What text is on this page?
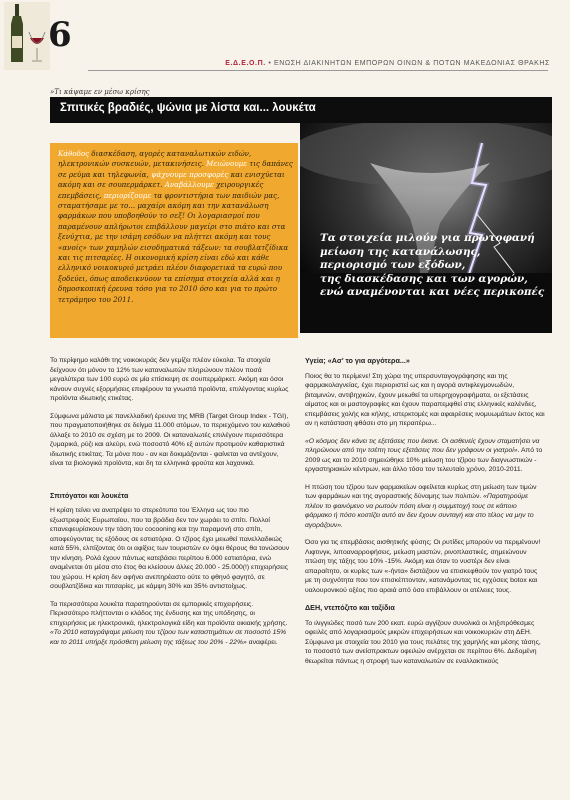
6
Ε.Δ.Ε.Ο.Π. • ΕΝΩΣΗ ΔΙΑΚΙΝΗΤΩΝ ΕΜΠΟΡΩΝ ΟΙΝΩΝ & ΠΟΤΩΝ ΜΑΚΕΔΟΝΙΑΣ ΘΡΑΚΗΣ
»Τι κάψαμε εν μέσω κρίσης
Σπιτικές βραδιές, ψώνια με λίστα και... λουκέτα
Κάθοδος διασκέδαση, αγορές καταναλωτικών ειδών, ηλεκτρονικών συσκευών, μετακινήσεις. Μειώνουμε τις δαπάνες σε ρεύμα και τηλεφωνία, ψάχνουμε προσφορές και ενισχύεται ακόμη και σε σουπερμάρκετ. Αναβάλλουμε χειρουργικές επεμβάσεις, περιορίζουμε τα φροντιστήρια των παιδιών μας, σταματήσαμε με το... μαχαίρι ακόμη και την κατανάλωση φαρμάκων που υποβοηθούν το σεξ! Οι λογαριασμοί που παραμένουν απλήρωτοι επιβάλλουν μαγείρι στο πιάτο και στα ξενύχτια, με την ισάμη εσόδων να πλήττει ακόμη και τους «ανοίς» των χαμηλών εισοδηματικά τάξεων: τα σουβλατζίδικα και τις πιτσαρίες. Η οικονομική κρίση είναι εδώ και κάθε ελληνικό νοικοκυριό μετράει πλέον διαφορετικά τα ευρώ που ξοδεύει, όπως αποδεικνύουν τα επίσημα στοιχεία αλλά και η δημοσκοπική έρευνα τόσο για το 2010 όσο και για το πρώτο τετράμηνο του 2011.
Τα στοιχεία μιλούν για πρωτοφανή
μείωση της κατανάλωσης,
περιορισμό των εξόδων,
της διασκέδασης και των αγορών,
ενώ αναμένονται και νέες περικοπές

Το περίφημο καλάθι της νοικοκυράς δεν γεμίζει πλέον εύκολα. Τα στοιχεία δείχνουν ότι μόνον το 12% των καταναλωτών πληρώνουν πλέον ποσά μεγαλύτερα των 100 ευρώ σε μία επίσκεψη σε σουπερμάρκετ. Ακόμη και όσοι κάνουν συχνές εξορμήσεις επιφέρουν τα γνωστά προϊόντα, επιλέγοντας κυρίως προϊόντα ιδιωτικής ετικέτας.

Σύμφωνα μάλιστα με πανελλαδική έρευνα της MRB (Target Group Index - TGI), που πραγματοποιήθηκε σε δείγμα 11.000 ατόμων, το περιεχόμενο του καλαθιού άλλαξε το 2010 σε σχέση με το 2009. Οι καταναλωτές επιλέγουν περισσότερα ζυμαρικά, ρύζι και αλεύρι, ενώ ποσοστό 40% εξ αυτών προτιμούν καθαριστικά ιδιωτικής ετικέτας. Τα μόνα που - αν και δοκιμάζονται - φαίνεται να αντέχουν, είναι τα βιολογικά προϊόντα, και δη τα ελληνικά φρούτα και λαχανικά.

Σπιτόγατοι και λουκέτα

Η κρίση τείνει να ανατρέψει το στερεότυπο του Έλληνα ως του πιο εξωστρεφούς Ευρωπαίου, που τα βράδια δεν τον χωράει το σπίτι. Πολλοί επανεφευρίσκουν την τάση του cocooning και την παραμονή στο σπίτι, αποφεύγοντας τις εξόδους σε εστιατόρια. Ο τζίρος έχει μειωθεί πανελλαδικώς κατά 55%, ελπίζοντας ότι οι αφίξεις των τουριστών εν όψει θέρους θα τονώσουν την κίνηση. Ρολά έχουν πάντως κατεβάσει περίπου 6.000 εστιατόρια, ενώ αναμένεται ότι μέσα στο έτος θα κλείσουν άλλες 20.000 - 25.000(!) επιχειρήσεις του χώρου. Η κρίση δεν αφήνει ανεπηρέαστο ούτε το φθηνό φαγητό, σε σουβλατζίδικα και πιτσαρίες, με κάμψη 30% και 35% αντιστοίχως.

Τα περισσότερα λουκέτα παρατηρούνται σε εμπορικές επιχειρήσεις. Περισσότερο πλήττονται ο κλάδος της ένδυσης και της υπόδησης, οι επιχειρήσεις με ηλεκτρονικά, ηλεκτρολογικά είδη και προϊόντα οικιακής χρήσης. «Το 2010 καταγράψαμε μείωση του τζίρου των καταστημάτων σε ποσοστό 15% και το 2011 υπήρξε πρόσθετη μείωση της τάξεως του 20% - 22%» αναφέρει.

Υγεία; «Ασ' το για αργότερα...»

Ποιος θα το περίμενε! Στη χώρα της υπερσυνταγογράφησης και της φαρμακολαγνείας, έχει περιοριστεί ως και η αγορά αντιφλεγμονωδών, βιταμινών, αντιβηχικών, έχουν μειωθεί τα υπερηχογραφήματα, οι εξετάσεις αίματος και οι μαστογραφίες και έχουν παραπεμφθεί στις ελληνικές καλένδες, επεμβάσεις χολής και κήλης, ιστερκτομές και αφαιρέσεις ινομυωμάτων έκτος και αν η κατάσταση φθάσει στο μη περαιτέρω...

«Ο κόσμος δεν κάνει τις εξετάσεις που έκανε. Οι ασθενείς έχουν σταματήσει να πληρώνουν από την τσέπη τους εξετάσεις που δεν γράφουν οι γιατροί». Από το 2009 ως και το 2010 σημειώθηκε 10% μείωση του τζίρου των διαγνωστικών - εργαστηριακών κέντρων, και άλλο τόσο τον τελευταίο χρόνο, 2010-2011.

Η πτώση του τζίρου των φαρμακείων οφείλεται κυρίως στη μείωση των τιμών των φαρμάκων και της αγοραστικής δύναμης των πολιτών. «Παρατηρούμε πλέον το φαινόμενο να ρωτούν πόση είναι η συμμετοχή τους σε κάποιο φάρμακο ή πόσο κοστίζει αυτό αν δεν έχουν συνταγή και στο τέλος να μην το αγοράζουν».

Όσο για τις επεμβάσεις αισθητικής φύσης; Οι ρυτίδες μπορούν να περιμένουν! Λιφτινγκ, λιποαναρροφήσεις, μείωση μαστών, ρινοπλαστικές, σημειώνουν πτώση της τάξης του 10% -15%. Ακόμη και όταν το νυστέρι δεν είναι απαραίτητο, οι κυρίες των «-ήντα» διστάζουν να επισκεφθούν τον γιατρό τους με τη συχνότητα που τον επισκέπτονταν, κατανάμοντας τις εγχύσεις botox και υαλουρονικού οξέος πιο αραιά από όσο επιβάλλουν οι ατέλειες τους.

ΔΕΗ, ντεπόζιτο και ταξίδια

Το ιλιγγιώδες ποσό των 200 εκατ. ευρώ αγγίζουν συνολικά οι ληξιπρόθεσμες οφειλές από λογαριασμούς μικρών επιχειρήσεων και νοικοκυριών στη ΔΕΗ. Σύμφωνα με στοιχεία του 2010 για τους πελάτες της χαμηλής και μέσης τάσης, το ποσοστό των ανείσπρακτων οφειλών ανέρχεται σε περίπου 6%. Δεδομένη θεωρείται πάντως η στροφή των καταναλωτών σε εναλλακτικούς
